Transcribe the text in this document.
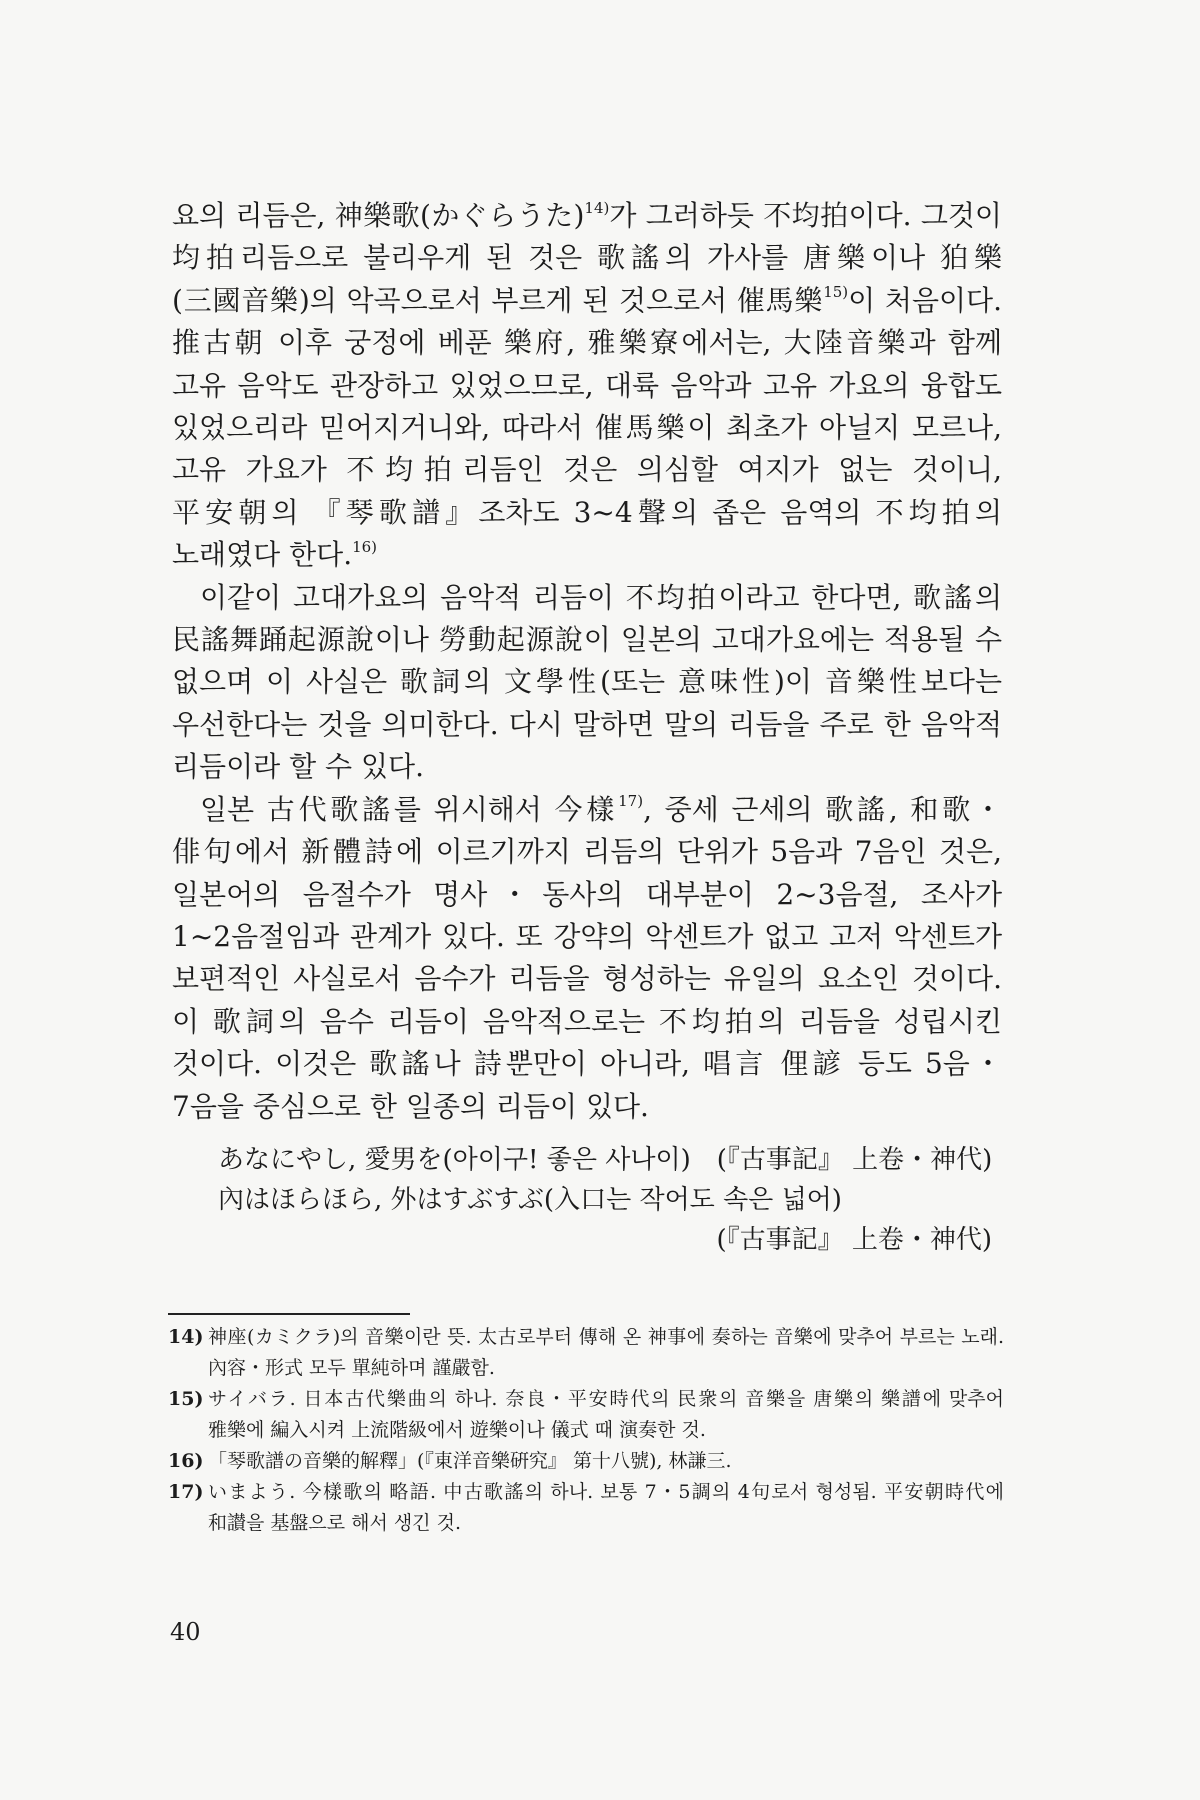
요의 리듬은, 神樂歌(かぐらうた)$^{14)}$가 그러하듯 不均拍이다. 그것이 均拍리듬으로 불리우게 된 것은 歌謠의 가사를 唐樂이나 狛樂(三國音樂)의 악곡으로서 부르게 된 것으로서 催馬樂$^{15)}$이 처음이다. 推古朝 이후 궁정에 베푼 樂府, 雅樂寮에서는, 大陸音樂과 함께 고유 음악도 관장하고 있었으므로, 대륙 음악과 고유 가요의 융합도 있었으리라 믿어지거니와, 따라서 催馬樂이 최초가 아닐지 모르나, 고유 가요가 不均拍리듬인 것은 의심할 여지가 없는 것이니, 平安朝의 『琴歌譜』조차도 3~4聲의 좁은 음역의 不均拍의 노래였다 한다.$^{16)}$

이같이 고대가요의 음악적 리듬이 不均拍이라고 한다면, 歌謠의 民謠舞踊起源說이나 勞動起源說이 일본의 고대가요에는 적용될 수 없으며 이 사실은 歌詞의 文學性(또는 意味性)이 音樂性보다는 우선한다는 것을 의미한다. 다시 말하면 말의 리듬을 주로 한 음악적 리듬이라 할 수 있다.

일본 古代歌謠를 위시해서 今樣$^{17)}$, 중세 근세의 歌謠, 和歌・俳句에서 新體詩에 이르기까지 리듬의 단위가 5음과 7음인 것은, 일본어의 음절수가 명사・동사의 대부분이 2~3음절, 조사가 1~2음절임과 관계가 있다. 또 강약의 악센트가 없고 고저 악센트가 보편적인 사실로서 음수가 리듬을 형성하는 유일의 요소인 것이다. 이 歌詞의 음수 리듬이 음악적으로는 不均拍의 리듬을 성립시킨 것이다. 이것은 歌謠나 詩뿐만이 아니라, 唱言 俚諺 등도 5음・7음을 중심으로 한 일종의 리듬이 있다.

あなにやし, 愛男を(아이구! 좋은 사나이)　(『古事記』 上卷・神代)
內はほらほら, 外はすぶすぶ(入口는 작어도 속은 넓어)
(『古事記』 上卷・神代)

14) 神座(カミクラ)의 音樂이란 뜻. 太古로부터 傳해 온 神事에 奏하는 音樂에 맞추어 부르는 노래. 內容・形式 모두 單純하며 謹嚴함.

15) サイバラ. 日本古代樂曲의 하나. 奈良・平安時代의 民衆의 音樂을 唐樂의 樂譜에 맞추어 雅樂에 編入시켜 上流階級에서 遊樂이나 儀式 때 演奏한 것.

16) 「琴歌譜の音樂的解釋」(『東洋音樂硏究』 第十八號), 林謙三.

17) いまよう. 今樣歌의 略語. 中古歌謠의 하나. 보통 7・5調의 4句로서 형성됨. 平安朝時代에 和讃을 基盤으로 해서 생긴 것.

40
